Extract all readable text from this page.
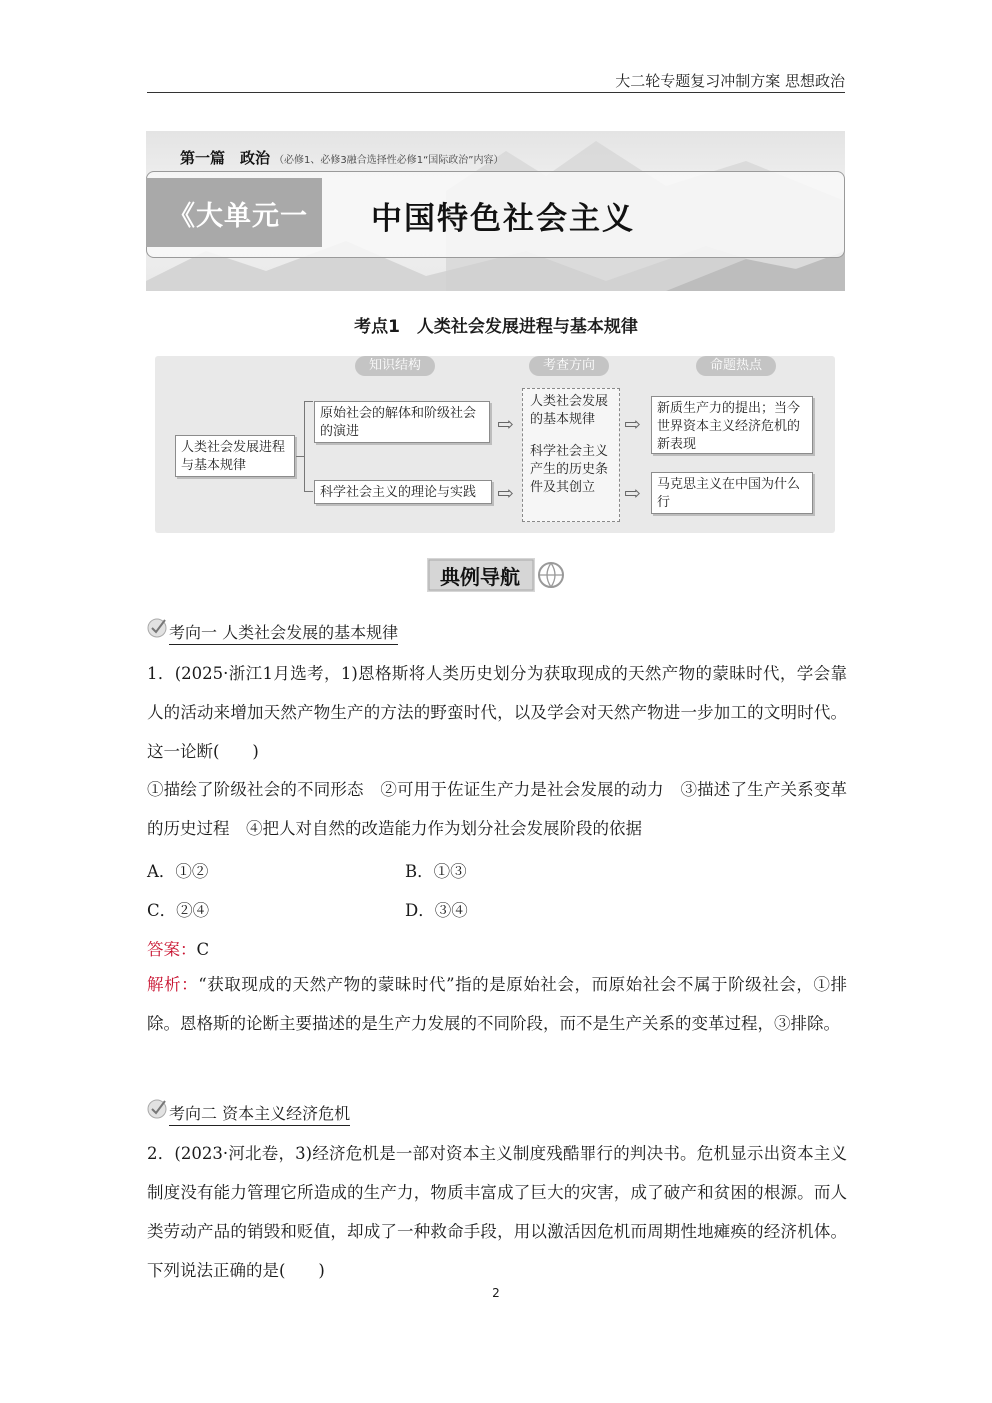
大二轮专题复习冲制方案 思想政治
第一篇　政治 （必修1、必修3融合选择性必修1“国际政治”内容）
《大单元一 中国特色社会主义
考点1　人类社会发展进程与基本规律
知识结构	考查方向	命题热点
人类社会发展进程与基本规律
原始社会的解体和阶级社会的演进
科学社会主义的理论与实践
⇨
⇨
人类社会发展的基本规律
科学社会主义产生的历史条件及其创立
⇨
⇨
新质生产力的提出；当今世界资本主义经济危机的新表现
马克思主义在中国为什么行
典例导航
考向一 人类社会发展的基本规律
1．(2025·浙江1月选考，1)恩格斯将人类历史划分为获取现成的天然产物的蒙昧时代，学会靠人的活动来增加天然产物生产的方法的野蛮时代，以及学会对天然产物进一步加工的文明时代。这一论断(　　)
①描绘了阶级社会的不同形态　②可用于佐证生产力是社会发展的动力　③描述了生产关系变革的历史过程　④把人对自然的改造能力作为划分社会发展阶段的依据
A．①②	B．①③
C．②④	D．③④
答案：C
解析：“获取现成的天然产物的蒙昧时代”指的是原始社会，而原始社会不属于阶级社会，①排除。恩格斯的论断主要描述的是生产力发展的不同阶段，而不是生产关系的变革过程，③排除。
考向二 资本主义经济危机
2．(2023·河北卷，3)经济危机是一部对资本主义制度残酷罪行的判决书。危机显示出资本主义制度没有能力管理它所造成的生产力，物质丰富成了巨大的灾害，成了破产和贫困的根源。而人类劳动产品的销毁和贬值，却成了一种救命手段，用以激活因危机而周期性地瘫痪的经济机体。下列说法正确的是(　　)
2
